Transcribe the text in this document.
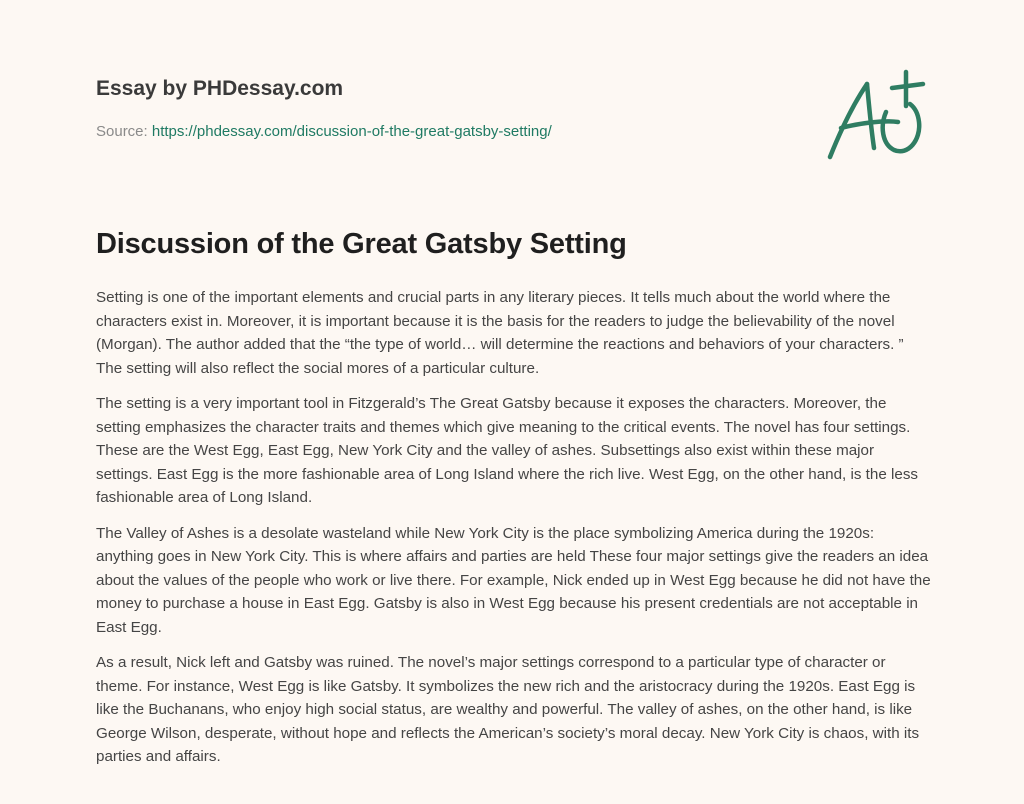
Essay by PHDessay.com

Source: https://phdessay.com/discussion-of-the-great-gatsby-setting/
Discussion of the Great Gatsby Setting

Setting is one of the important elements and crucial parts in any literary pieces. It tells much about the world where the characters exist in. Moreover, it is important because it is the basis for the readers to judge the believability of the novel (Morgan). The author added that the “the type of world… will determine the reactions and behaviors of your characters. ” The setting will also reflect the social mores of a particular culture.

The setting is a very important tool in Fitzgerald’s The Great Gatsby because it exposes the characters. Moreover, the setting emphasizes the character traits and themes which give meaning to the critical events. The novel has four settings. These are the West Egg, East Egg, New York City and the valley of ashes. Subsettings also exist within these major settings. East Egg is the more fashionable area of Long Island where the rich live. West Egg, on the other hand, is the less fashionable area of Long Island.

The Valley of Ashes is a desolate wasteland while New York City is the place symbolizing America during the 1920s: anything goes in New York City. This is where affairs and parties are held These four major settings give the readers an idea about the values of the people who work or live there. For example, Nick ended up in West Egg because he did not have the money to purchase a house in East Egg. Gatsby is also in West Egg because his present credentials are not acceptable in East Egg.

As a result, Nick left and Gatsby was ruined. The novel’s major settings correspond to a particular type of character or theme. For instance, West Egg is like Gatsby. It symbolizes the new rich and the aristocracy during the 1920s. East Egg is like the Buchanans, who enjoy high social status, are wealthy and powerful. The valley of ashes, on the other hand, is like George Wilson, desperate, without hope and reflects the American’s society’s moral decay. New York City is chaos, with its parties and affairs.
